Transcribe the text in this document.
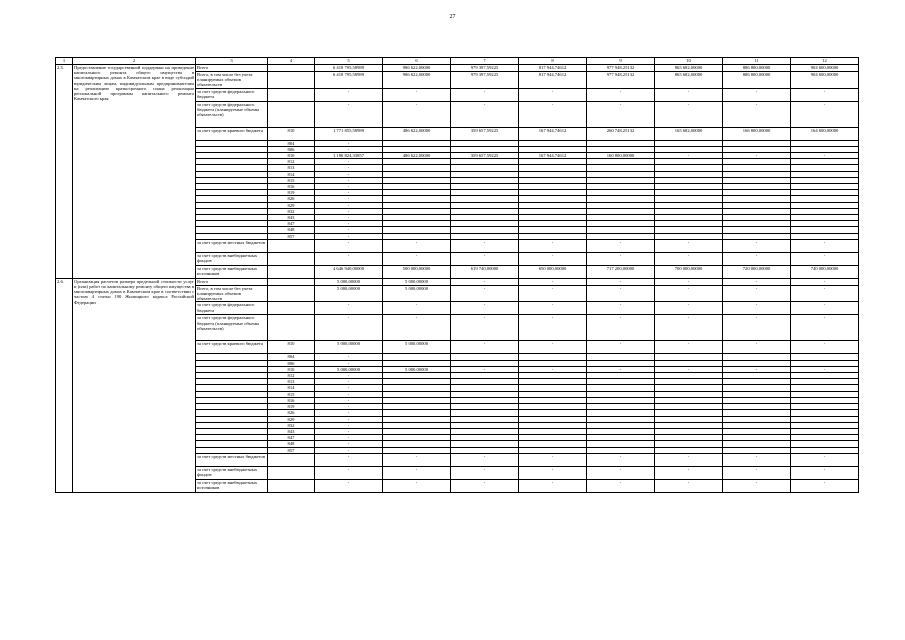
27
1	2	3	4	5	6	7	8	9	10	11	12
2.5.	Предоставление государственной поддержки на проведение капитального ремонта общего имущества в многоквартирных домах в Камчатском крае в виде субсидий юридическим лицам, индивидуальным предпринимателям на реализацию краткосрочного плана реализации региональной программы капитального ремонта Камчатского края	Всего		6 418 795,58989	986 622,00000	979 397,59225	817 944,74612	977 948,25132	865 682,00000	886 800,00000	904 600,00000
		Всего, в том числе без учета планируемых объемов обязательств		6 418 795,58989	986 622,00000	979 397,59225	817 944,74612	977 948,25132	865 682,00000	886 800,00000	904 600,00000
		за счет средств федерального бюджета		-	-	-	-	-	-	-	-
		за счет средств федерального бюджета (планируемые объемы обязательств)		-	-	-	-	-	-	-	-
		за счет средств краевого бюджета	810	1 771 855,58989	486 622,00000	359 657,59225	167 944,74612	260 748,25132	165 682,00000	166 800,00000	164 600,00000
			804	-							
			806	-							
			810	1 186 824,33857	486 622,00000	359 657,59225	167 944,74612	160 800,00000	-	-	-
			812	-							
			813	-							
			814	-							
			815	-							
			816	-							
			819	-							
			826	-							
			829	-							
			832	-							
			843	-							
			847	-							
			848	-							
			857	-							
		за счет средств местных бюджетов		-	-	-	-	-	-	-	-
		за счет средств внебюджетных фондов		-	-	-	-	-	-	-	-
		за счет средств внебюджетных источников		4 646 940,00000	500 000,00000	619 740,00000	650 000,00000	717 200,00000	700 000,00000	720 000,00000	740 000,00000
2.6.	Организация расчетов размера предельной стоимости услуг и (или) работ по капитальному ремонту общего имущества в многоквартирных домах в Камчатском крае в соответствии с частью 4 статьи 190 Жилищного кодекса Российской Федерации	Всего		5 000,00000	5 000,00000	-	-	-	-	-	-
		Всего, в том числе без учета планируемых объемов обязательств		5 000,00000	5 000,00000	-	-	-	-	-	-
		за счет средств федерального бюджета		-	-	-	-	-	-	-	-
		за счет средств федерального бюджета (планируемые объемы обязательств)		-	-	-	-	-	-	-	-
		за счет средств краевого бюджета	810	5 000,00000	5 000,00000	-	-	-	-	-	-
			804	-							
			806	-							
			810	5 000,00000	5 000,00000	-	-	-	-	-	-
			812	-							
			813	-							
			814	-							
			815	-							
			816	-							
			819	-							
			826	-							
			829	-							
			832	-							
			843	-							
			847	-							
			848	-							
			857	-							
		за счет средств местных бюджетов		-	-	-	-	-	-	-	-
		за счет средств внебюджетных фондов		-	-	-	-	-	-	-	-
		за счет средств внебюджетных источников		-	-	-	-	-	-	-	-
